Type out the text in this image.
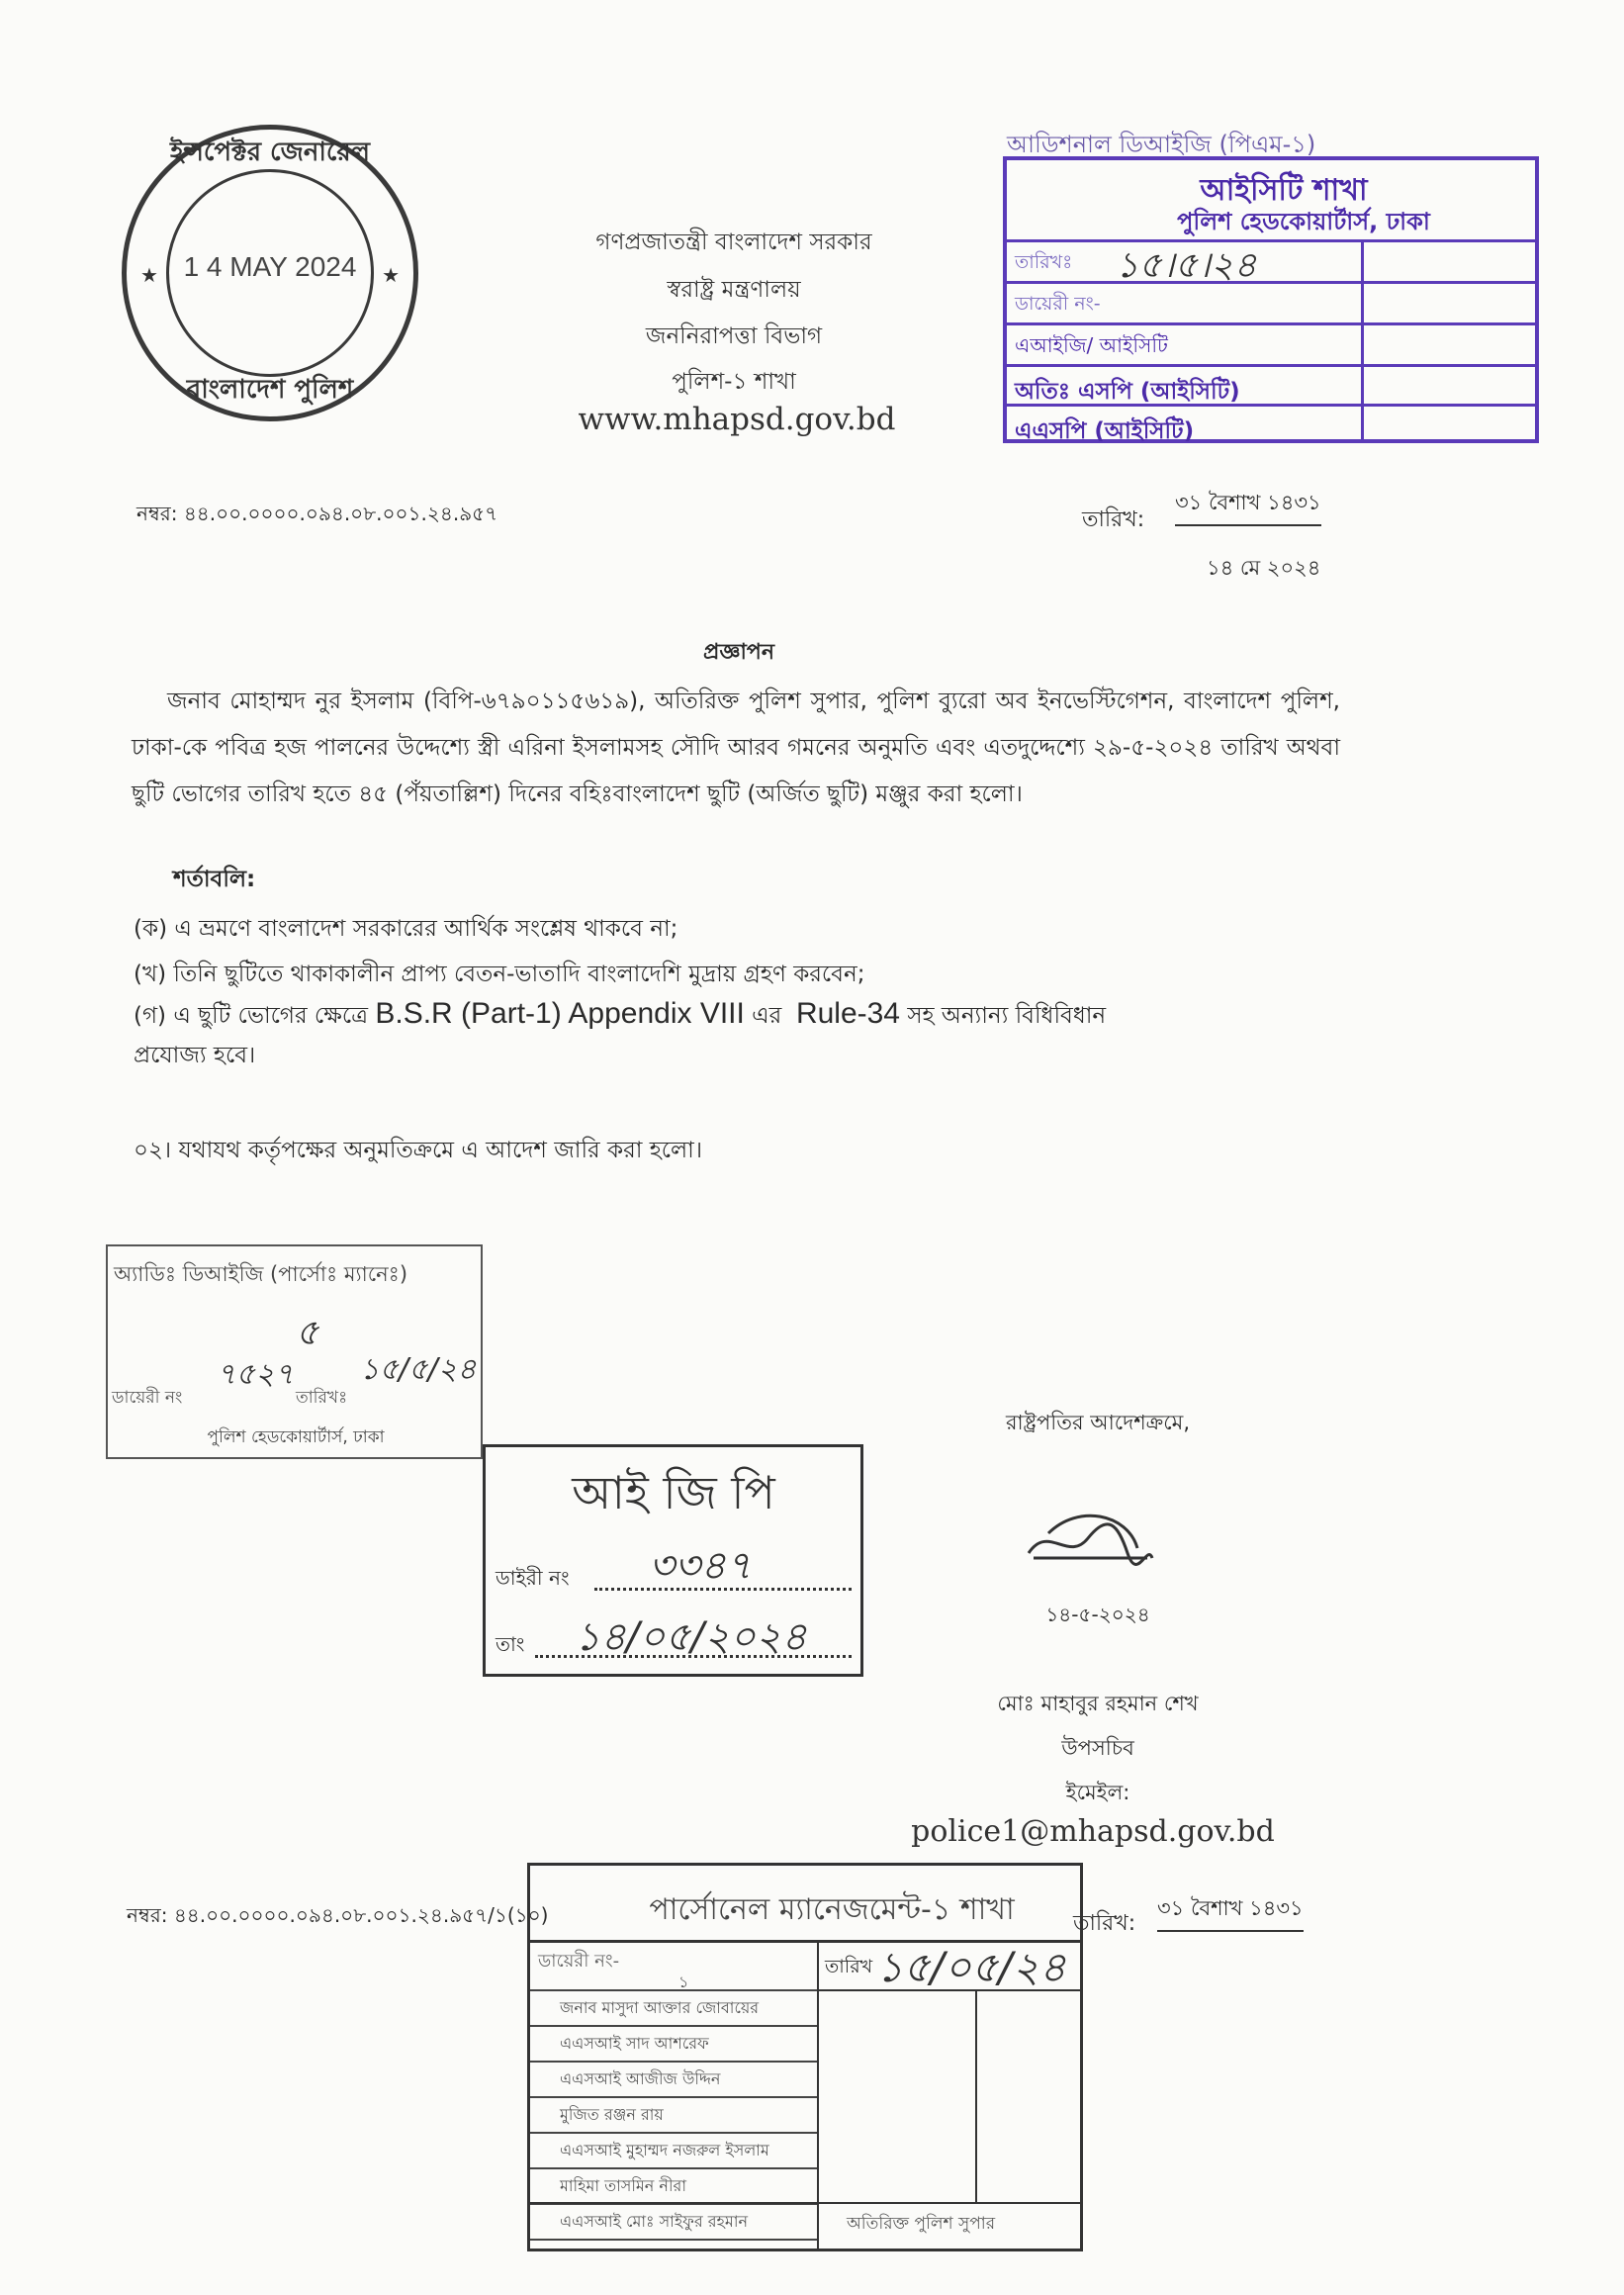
ইন্সপেক্টর জেনারেল
★	★
1 4 MAY 2024
বাংলাদেশ পুলিশ
গণপ্রজাতন্ত্রী বাংলাদেশ সরকার
স্বরাষ্ট্র মন্ত্রণালয়
জননিরাপত্তা বিভাগ
পুলিশ-১ শাখা
www.mhapsd.gov.bd
আডিশনাল ডিআইজি (পিএম-১)
আইসিটি শাখা
পুলিশ হেডকোয়ার্টার্স, ঢাকা
তারিখঃ ১৫।৫।২৪
ডায়েরী নং-
এআইজি/ আইসিটি
অতিঃ এসপি (আইসিটি)
এএসপি (আইসিটি)
নম্বর: ৪৪.০০.০০০০.০৯৪.০৮.০০১.২৪.৯৫৭	তারিখ:
৩১ বৈশাখ ১৪৩১
১৪ মে ২০২৪
প্রজ্ঞাপন
জনাব মোহাম্মদ নুর ইসলাম (বিপি-৬৭৯০১১৫৬১৯), অতিরিক্ত পুলিশ সুপার, পুলিশ ব্যুরো অব ইনভেস্টিগেশন, বাংলাদেশ পুলিশ, ঢাকা-কে পবিত্র হজ পালনের উদ্দেশ্যে স্ত্রী এরিনা ইসলামসহ সৌদি আরব গমনের অনুমতি এবং এতদুদ্দেশ্যে ২৯-৫-২০২৪ তারিখ অথবা ছুটি ভোগের তারিখ হতে ৪৫ (পঁয়তাল্লিশ) দিনের বহিঃবাংলাদেশ ছুটি (অর্জিত ছুটি) মঞ্জুর করা হলো।
শর্তাবলি:
(ক) এ ভ্রমণে বাংলাদেশ সরকারের আর্থিক সংশ্লেষ থাকবে না;
(খ) তিনি ছুটিতে থাকাকালীন প্রাপ্য বেতন-ভাতাদি বাংলাদেশি মুদ্রায় গ্রহণ করবেন;
(গ) এ ছুটি ভোগের ক্ষেত্রে B.S.R (Part-1) Appendix VIII এর Rule-34 সহ অন্যান্য বিধিবিধান
প্রযোজ্য হবে।
০২। যথাযথ কর্তৃপক্ষের অনুমতিক্রমে এ আদেশ জারি করা হলো।
অ্যাডিঃ ডিআইজি (পার্সোঃ ম্যানেঃ)
৫
ডায়েরী নং
৭৫২৭
তারিখঃ
১৫/৫/২৪
পুলিশ হেডকোয়ার্টার্স, ঢাকা
আই জি পি
ডাইরী নং ৩৩৪৭
তাং ১৪/০৫/২০২৪
রাষ্ট্রপতির আদেশক্রমে,
১৪-৫-২০২৪
মোঃ মাহাবুর রহমান শেখ
উপসচিব
ইমেইল:
police1@mhapsd.gov.bd
নম্বর: ৪৪.০০.০০০০.০৯৪.০৮.০০১.২৪.৯৫৭/১(১০)	তারিখ:
৩১ বৈশাখ ১৪৩১
পার্সোনেল ম্যানেজমেন্ট-১ শাখা
ডায়েরী নং-
১
তারিখ ১৫/০৫/২৪
জনাব মাসুদা আক্তার জোবায়ের
এএসআই সাদ আশরেফ
এএসআই আজীজ উদ্দিন
মুজিত রঞ্জন রায়
এএসআই মুহাম্মদ নজরুল ইসলাম
মাহিমা তাসমিন নীরা
এএসআই মোঃ সাইফুর রহমান	অতিরিক্ত পুলিশ সুপার
